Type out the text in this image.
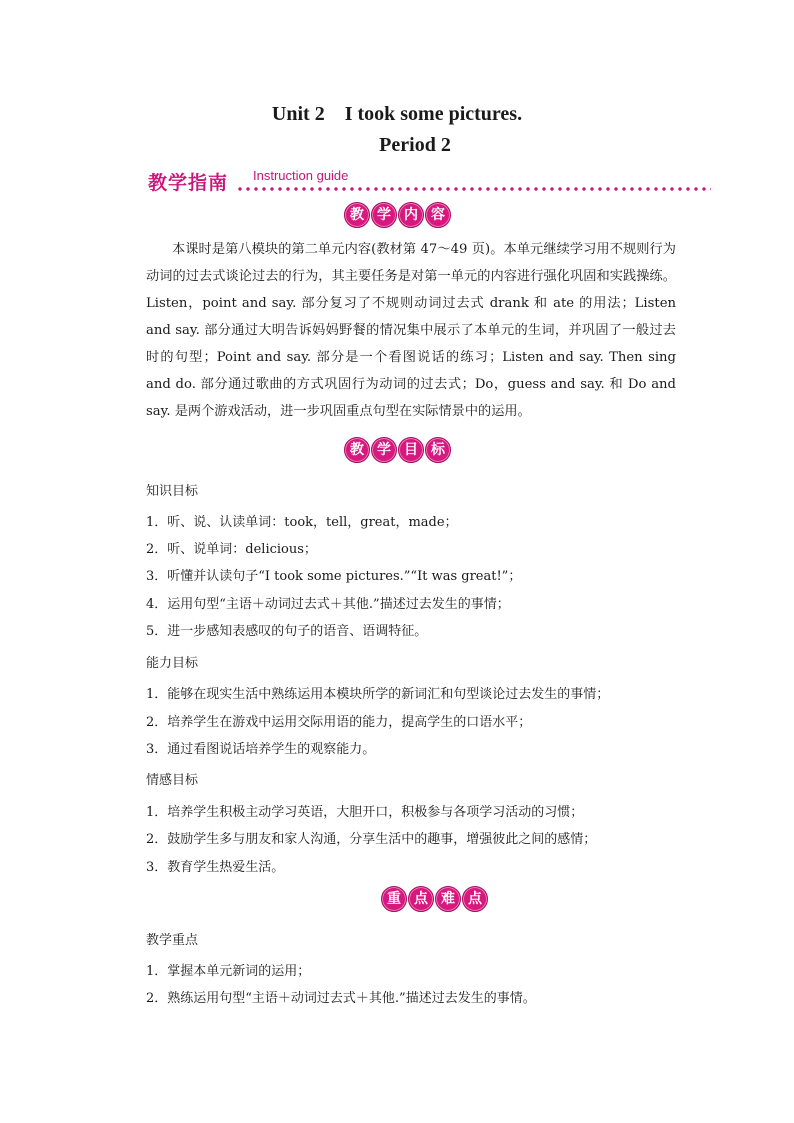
Unit 2　I took some pictures.
Period 2
教学指南 Instruction guide
教 学 内 容
本课时是第八模块的第二单元内容(教材第 47～49 页)。本单元继续学习用不规则行为动词的过去式谈论过去的行为，其主要任务是对第一单元的内容进行强化巩固和实践操练。Listen，point and say. 部分复习了不规则动词过去式 drank 和 ate 的用法；Listen and say. 部分通过大明告诉妈妈野餐的情况集中展示了本单元的生词，并巩固了一般过去时的句型；Point and say. 部分是一个看图说话的练习；Listen and say. Then sing and do. 部分通过歌曲的方式巩固行为动词的过去式；Do，guess and say. 和 Do and say. 是两个游戏活动，进一步巩固重点句型在实际情景中的运用。
教 学 目 标
知识目标
1．听、说、认读单词：took，tell，great，made；
2．听、说单词：delicious；
3．听懂并认读句子“I took some pictures.”“It was great!”；
4．运用句型“主语＋动词过去式＋其他.”描述过去发生的事情；
5．进一步感知表感叹的句子的语音、语调特征。
能力目标
1．能够在现实生活中熟练运用本模块所学的新词汇和句型谈论过去发生的事情；
2．培养学生在游戏中运用交际用语的能力，提高学生的口语水平；
3．通过看图说话培养学生的观察能力。
情感目标
1．培养学生积极主动学习英语，大胆开口，积极参与各项学习活动的习惯；
2．鼓励学生多与朋友和家人沟通，分享生活中的趣事，增强彼此之间的感情；
3．教育学生热爱生活。
重 点 难 点
教学重点
1．掌握本单元新词的运用；
2．熟练运用句型“主语＋动词过去式＋其他.”描述过去发生的事情。
